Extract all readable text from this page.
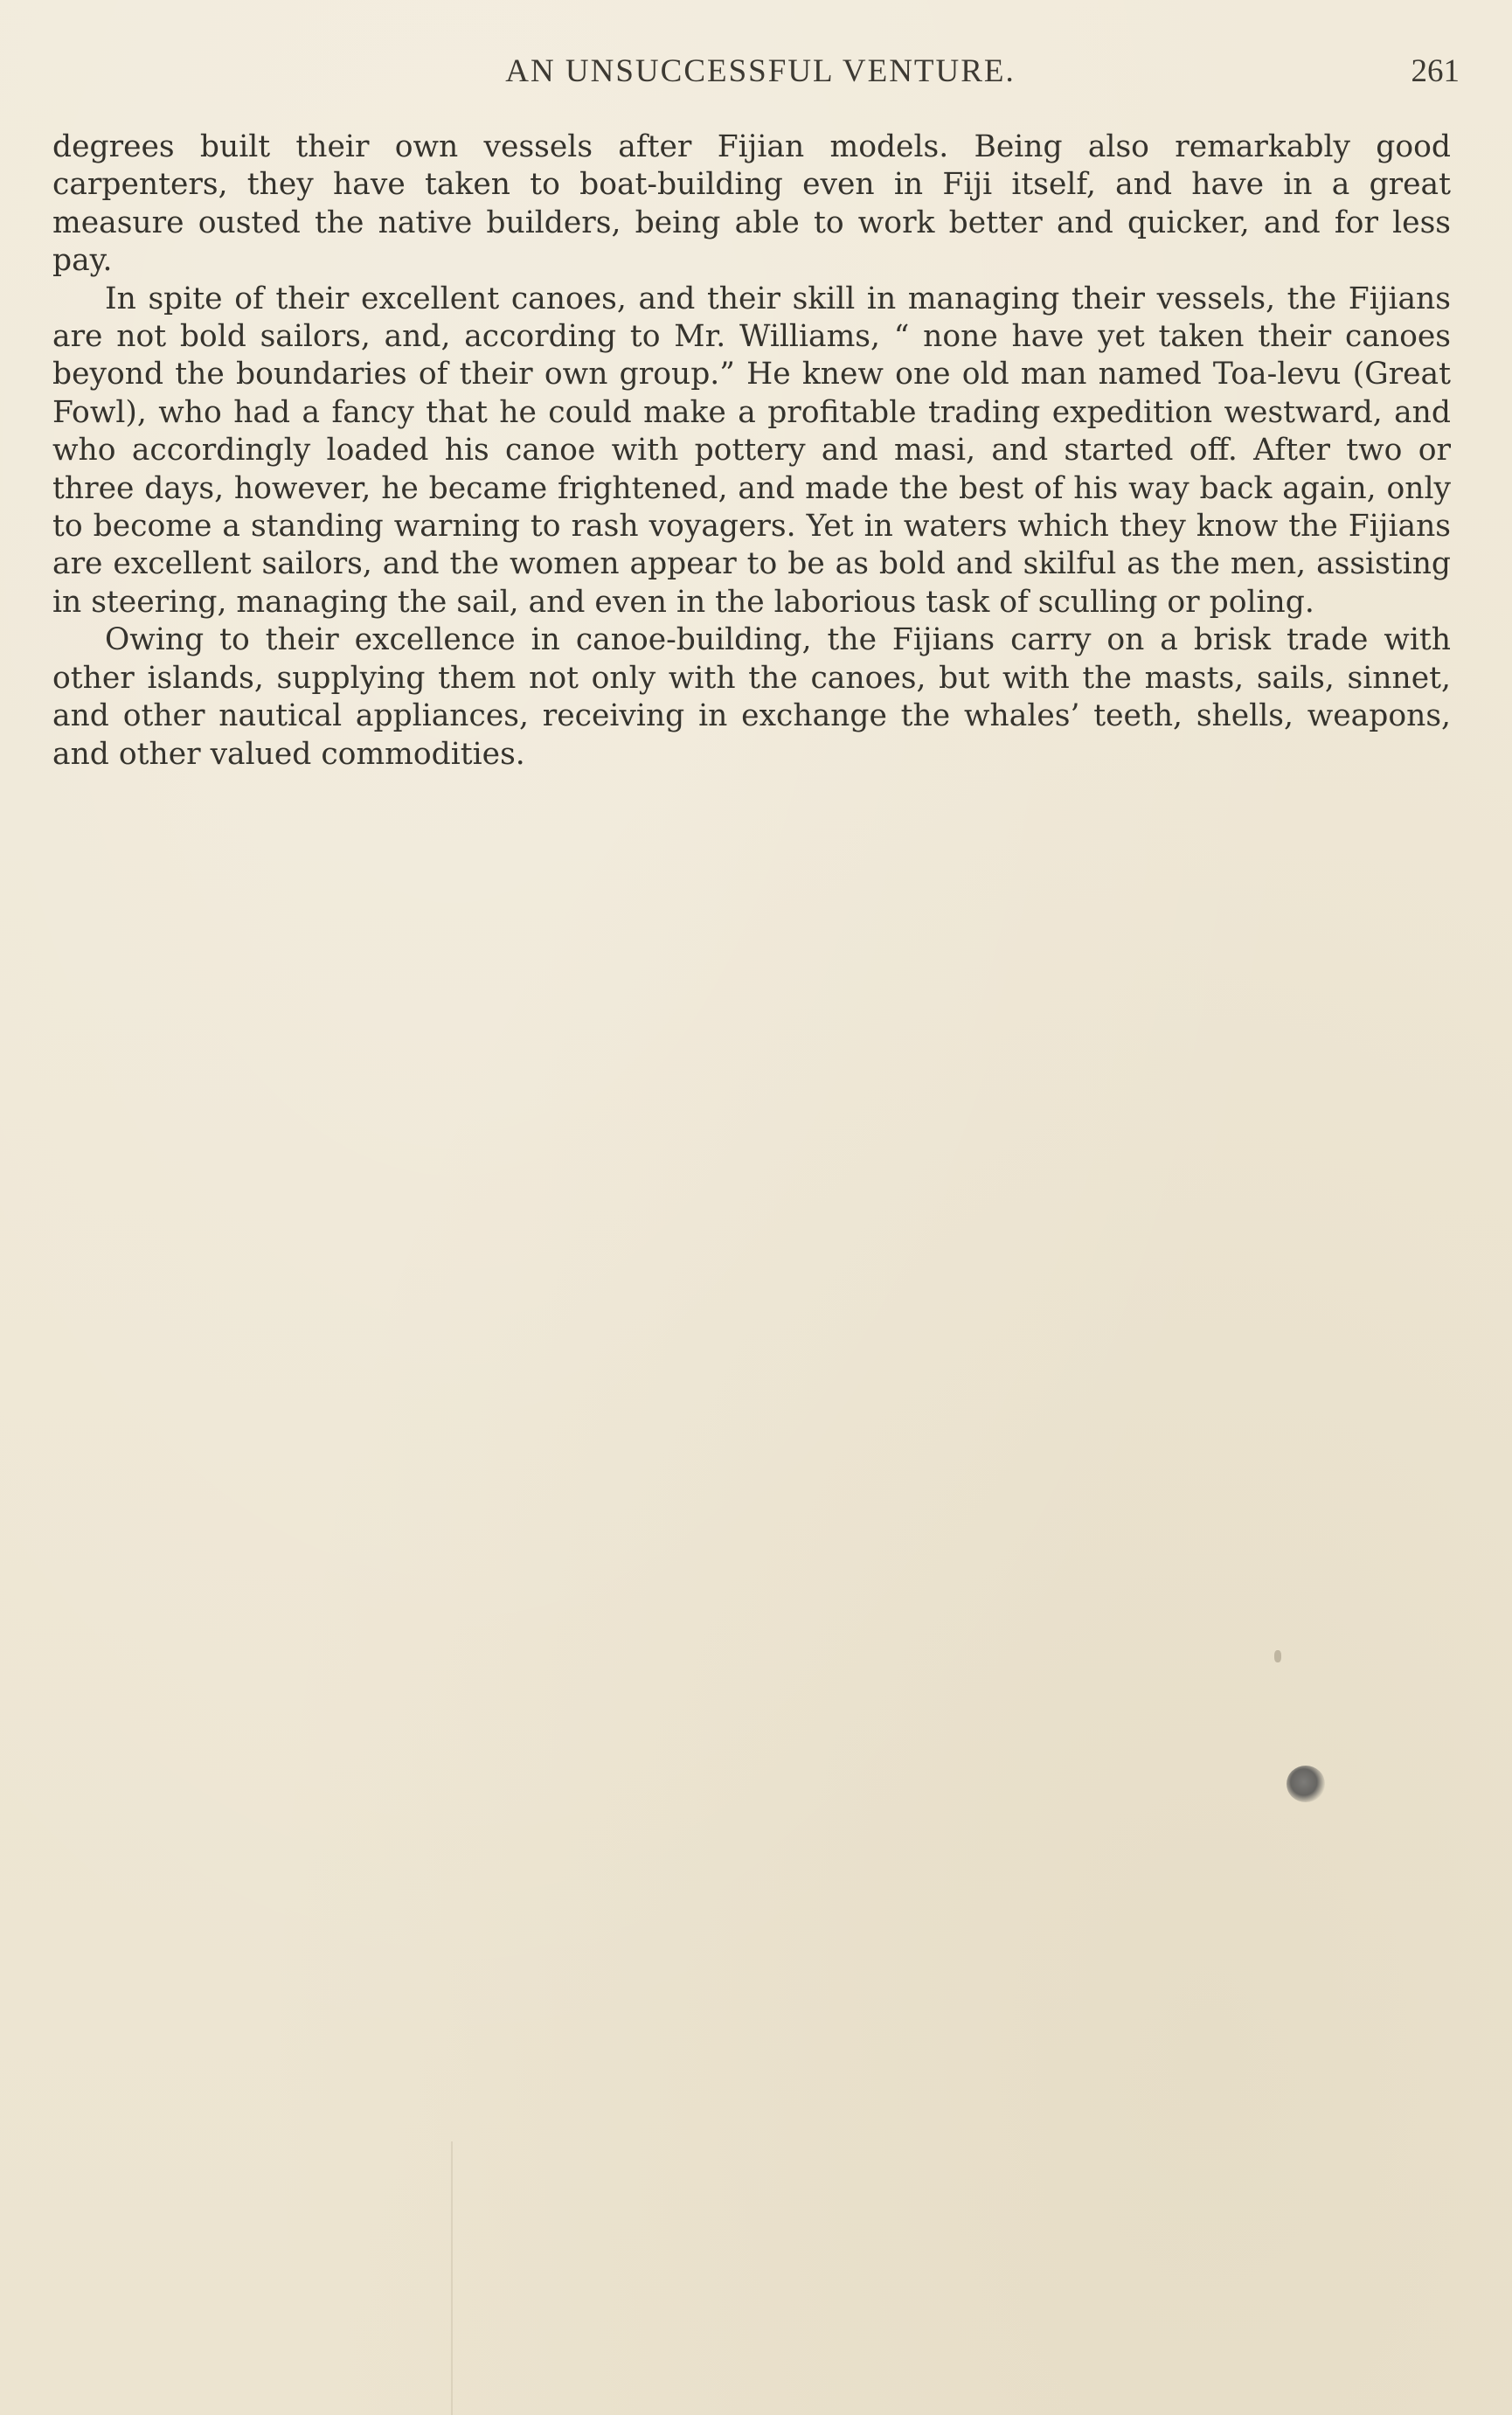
AN UNSUCCESSFUL VENTURE.	261

degrees built their own vessels after Fijian models. Being also remarkably good carpenters, they have taken to boat-building even in Fiji itself, and have in a great measure ousted the native builders, being able to work better and quicker, and for less pay.

In spite of their excellent canoes, and their skill in managing their vessels, the Fijians are not bold sailors, and, according to Mr. Williams, “ none have yet taken their canoes beyond the boundaries of their own group.” He knew one old man named Toa-levu (Great Fowl), who had a fancy that he could make a profitable trading expedition westward, and who accordingly loaded his canoe with pottery and masi, and started off. After two or three days, however, he became frightened, and made the best of his way back again, only to become a standing warning to rash voyagers. Yet in waters which they know the Fijians are excellent sailors, and the women appear to be as bold and skilful as the men, assisting in steering, managing the sail, and even in the laborious task of sculling or poling.

Owing to their excellence in canoe-building, the Fijians carry on a brisk trade with other islands, supplying them not only with the canoes, but with the masts, sails, sinnet, and other nautical appliances, receiving in exchange the whales’ teeth, shells, weapons, and other valued commodities.
